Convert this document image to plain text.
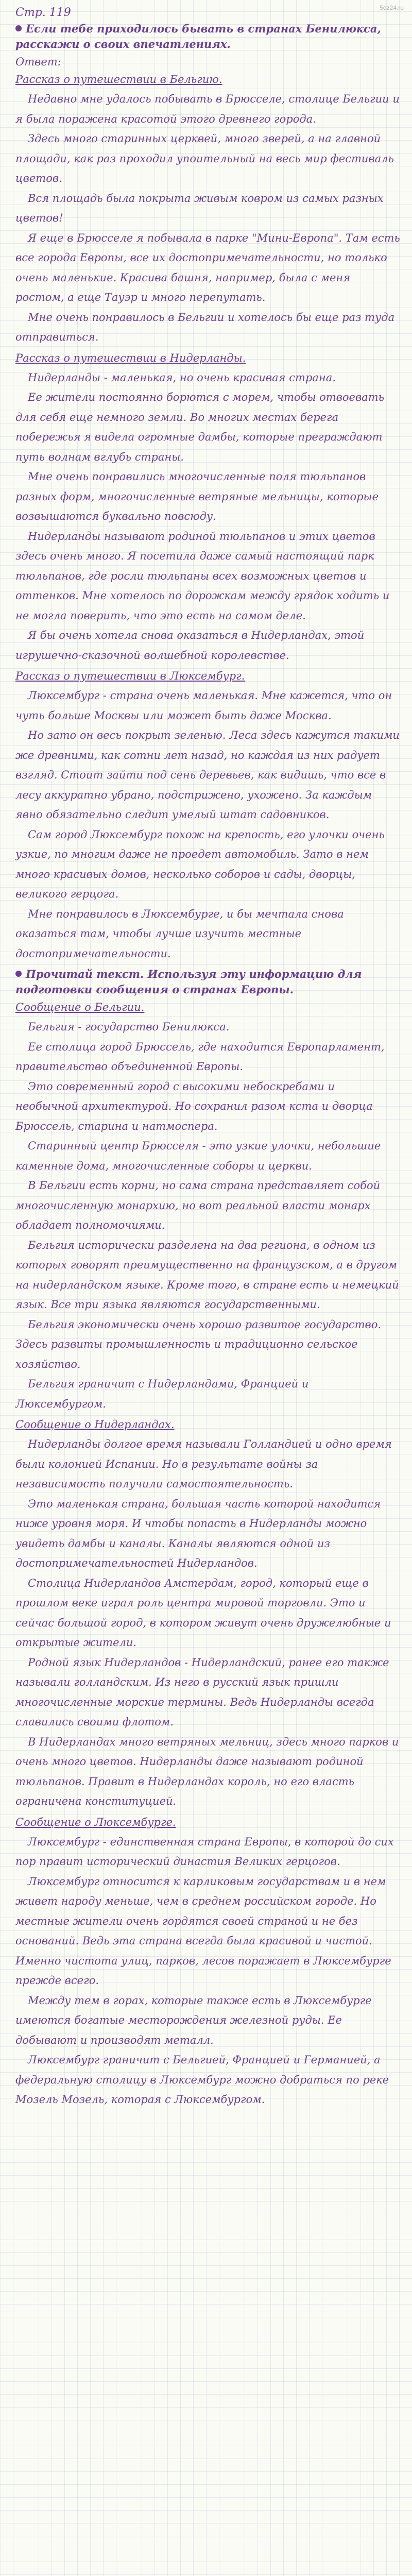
5dz24.ru
Стр. 119
Если тебе приходилось бывать в странах Бенилюкса, расскажи о своих впечатлениях.
Ответ:
Рассказ о путешествии в Бельгию.

Недавно мне удалось побывать в Брюсселе, столице Бельгии и я была поражена красотой этого древнего города.

Здесь много старинных церквей, много зверей, а на главной площади, как раз проходил упоительный на весь мир фестиваль цветов.

Вся площадь была покрыта живым ковром из самых разных цветов!

Я еще в Брюсселе я побывала в парке "Мини-Европа". Там есть все города Европы, все их достопримечательности, но только очень маленькие. Красива башня, например, была с меня ростом, а еще Тауэр и много перепутать.

Мне очень понравилось в Бельгии и хотелось бы еще раз туда отправиться.

Рассказ о путешествии в Нидерланды.

Нидерланды - маленькая, но очень красивая страна.

Ее жители постоянно борются с морем, чтобы отвоевать для себя еще немного земли. Во многих местах берега побережья я видела огромные дамбы, которые преграждают путь волнам вглубь страны.

Мне очень понравились многочисленные поля тюльпанов разных форм, многочисленные ветряные мельницы, которые возвышаются буквально повсюду.

Нидерланды называют родиной тюльпанов и этих цветов здесь очень много. Я посетила даже самый настоящий парк тюльпанов, где росли тюльпаны всех возможных цветов и оттенков. Мне хотелось по дорожкам между грядок ходить и не могла поверить, что это есть на самом деле.

Я бы очень хотела снова оказаться в Нидерландах, этой игрушечно-сказочной волшебной королевстве.

Рассказ о путешествии в Люксембург.

Люксембург - страна очень маленькая. Мне кажется, что он чуть больше Москвы или может быть даже Москва.

Но зато он весь покрыт зеленью. Леса здесь кажутся такими же древними, как сотни лет назад, но каждая из них радует взгляд. Стоит зайти под сень деревьев, как видишь, что все в лесу аккуратно убрано, подстрижено, ухожено. За каждым явно обязательно следит умелый штат садовников.

Сам город Люксембург похож на крепость, его улочки очень узкие, по многим даже не проедет автомобиль. Зато в нем много красивых домов, несколько соборов и сады, дворцы, великого герцога.

Мне понравилось в Люксембурге, и бы мечтала снова оказаться там, чтобы лучше изучить местные достопримечательности.

Прочитай текст. Используя эту информацию для подготовки сообщения о странах Европы.
Сообщение о Бельгии.

Бельгия - государство Бенилюкса.

Ее столица город Брюссель, где находится Европарламент, правительство объединенной Европы.

Это современный город с высокими небоскребами и необычной архитектурой. Но сохранил разом кста и дворца Брюссель, старина и натмоспера.

Старинный центр Брюсселя - это узкие улочки, небольшие каменные дома, многочисленные соборы и церкви.

В Бельгии есть корни, но сама страна представляет собой многочисленную монархию, но вот реальной власти монарх обладает полномочиями.

Бельгия исторически разделена на два региона, в одном из которых говорят преимущественно на французском, а в другом на нидерландском языке. Кроме того, в стране есть и немецкий язык. Все три языка являются государственными.

Бельгия экономически очень хорошо развитое государство. Здесь развиты промышленность и традиционно сельское хозяйство.

Бельгия граничит с Нидерландами, Францией и Люксембургом.

Сообщение о Нидерландах.

Нидерланды долгое время называли Голландией и одно время были колонией Испании. Но в результате войны за независимость получили самостоятельность.

Это маленькая страна, большая часть которой находится ниже уровня моря. И чтобы попасть в Нидерланды можно увидеть дамбы и каналы. Каналы являются одной из достопримечательностей Нидерландов.

Столица Нидерландов Амстердам, город, который еще в прошлом веке играл роль центра мировой торговли. Это и сейчас большой город, в котором живут очень дружелюбные и открытые жители.

Родной язык Нидерландов - Нидерландский, ранее его также называли голландским. Из него в русский язык пришли многочисленные морские термины. Ведь Нидерланды всегда славились своими флотом.

В Нидерландах много ветряных мельниц, здесь много парков и очень много цветов. Нидерланды даже называют родиной тюльпанов. Правит в Нидерландах король, но его власть ограничена конституцией.

Сообщение о Люксембурге.

Люксембург - единственная страна Европы, в которой до сих пор правит исторический династия Великих герцогов.

Люксембург относится к карликовым государствам и в нем живет народу меньше, чем в среднем российском городе. Но местные жители очень гордятся своей страной и не без оснований. Ведь эта страна всегда была красивой и чистой. Именно чистота улиц, парков, лесов поражает в Люксембурге прежде всего.

Между тем в горах, которые также есть в Люксембурге имеются богатые месторождения железной руды. Ее добывают и производят металл.

Люксембург граничит с Бельгией, Францией и Германией, а федеральную столицу в Люксембург можно добраться по реке Мозель Мозель, которая с Люксембургом.
